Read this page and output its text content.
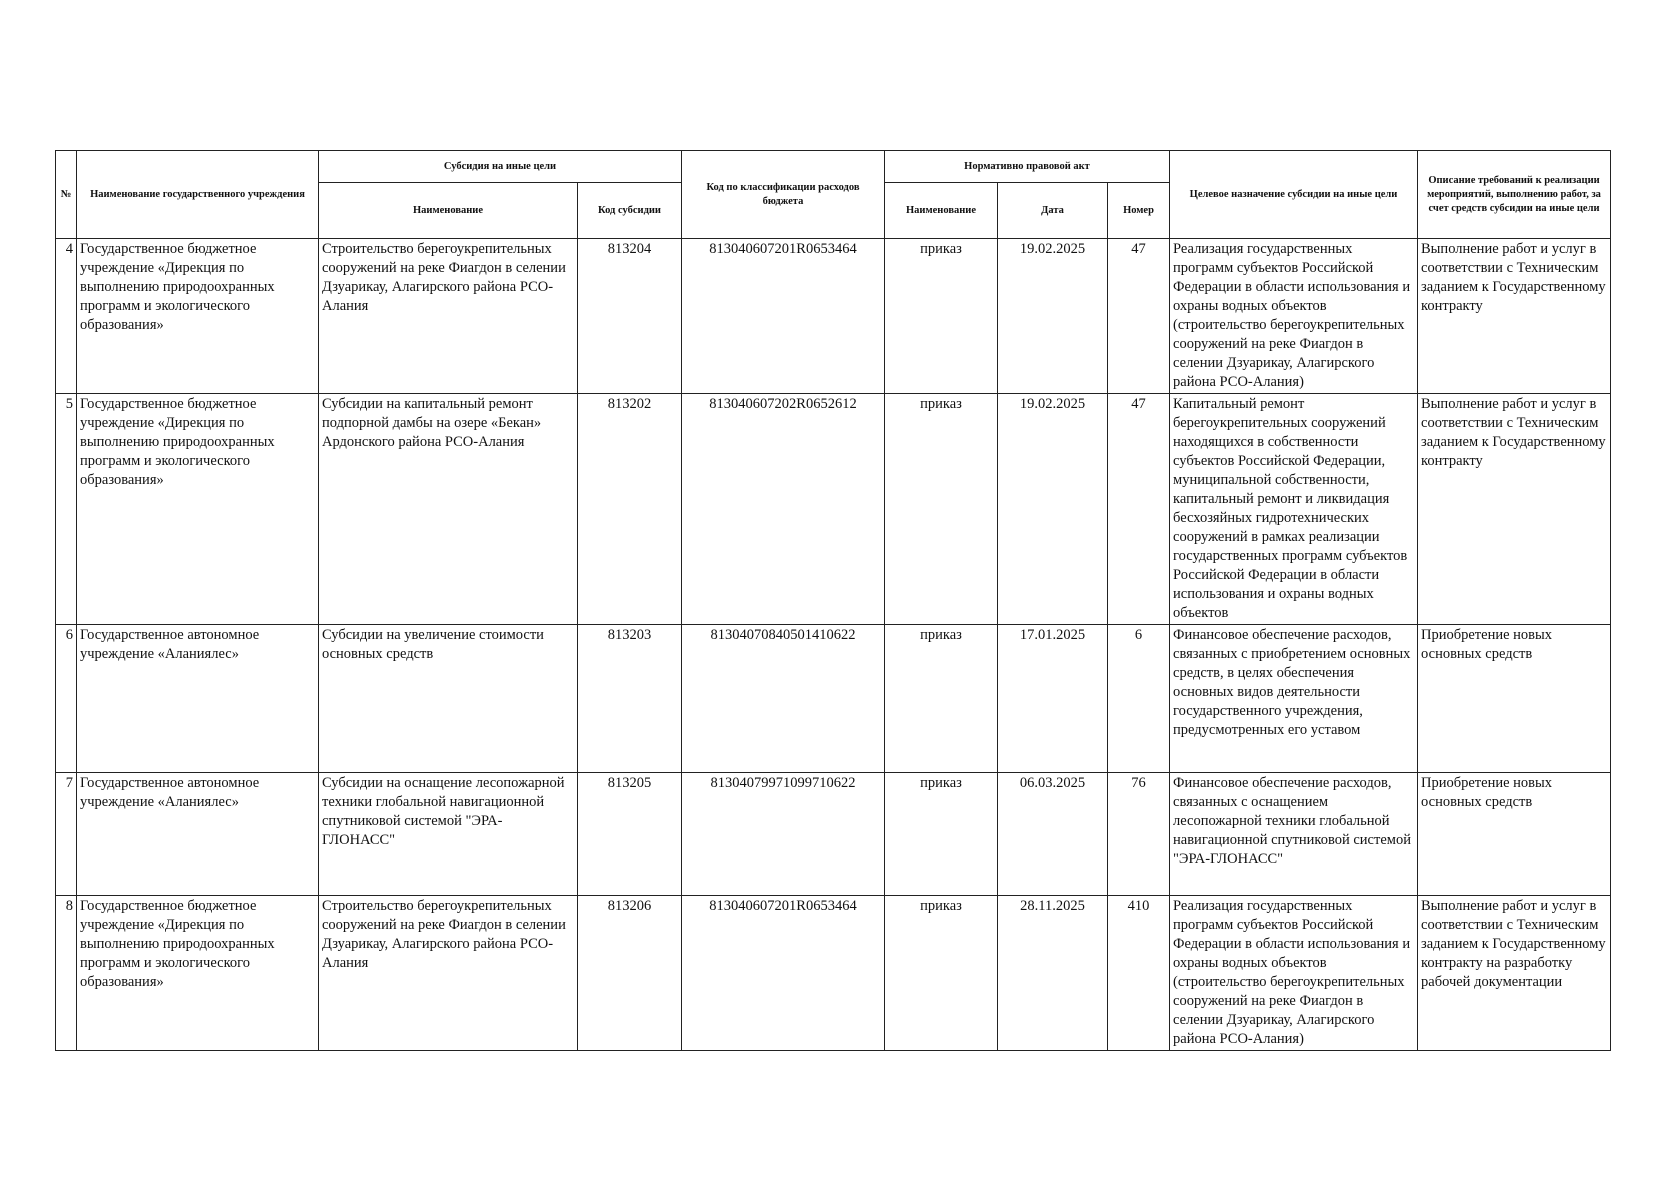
№	Наименование государственного учреждения	Субсидия на иные цели		Код по классификации расходов бюджета	Нормативно правовой акт			Целевое назначение субсидии на иные цели	Описание требований к реализации мероприятий, выполнению работ, за счет средств субсидии на иные цели
		Наименование	Код субсидии		Наименование	Дата	Номер		
4	Государственное бюджетное учреждение «Дирекция по выполнению природоохранных программ и экологического образования»	Строительство берегоукрепительных сооружений на реке Фиагдон в селении Дзуарикау, Алагирского района РСО-Алания	813204	813040607201R0653464	приказ	19.02.2025	47	Реализация государственных программ субъектов Российской Федерации в области использования и охраны водных объектов (строительство берегоукрепительных сооружений на реке Фиагдон в селении Дзуарикау, Алагирского района РСО-Алания)	Выполнение работ и услуг в соответствии с Техническим заданием к Государственному контракту
5	Государственное бюджетное учреждение «Дирекция по выполнению природоохранных программ и экологического образования»	Субсидии на капитальный ремонт подпорной дамбы на озере «Бекан» Ардонского района РСО-Алания	813202	813040607202R0652612	приказ	19.02.2025	47	Капитальный ремонт берегоукрепительных сооружений находящихся в собственности субъектов Российской Федерации, муниципальной собственности, капитальный ремонт и ликвидация бесхозяйных гидротехнических сооружений в рамках реализации государственных программ субъектов Российской Федерации в области использования и охраны водных объектов	Выполнение работ и услуг в соответствии с Техническим заданием к Государственному контракту
6	Государственное автономное учреждение «Аланиялес»	Субсидии на увеличение стоимости основных средств	813203	81304070840501410622	приказ	17.01.2025	6	Финансовое обеспечение расходов, связанных с приобретением основных средств, в целях обеспечения основных видов деятельности государственного учреждения, предусмотренных его уставом	Приобретение новых основных средств
7	Государственное автономное учреждение «Аланиялес»	Субсидии на оснащение лесопожарной техники глобальной навигационной спутниковой системой "ЭРА-ГЛОНАСС"	813205	81304079971099710622	приказ	06.03.2025	76	Финансовое обеспечение расходов, связанных с оснащением лесопожарной техники глобальной навигационной спутниковой системой "ЭРА-ГЛОНАСС"	Приобретение новых основных средств
8	Государственное бюджетное учреждение «Дирекция по выполнению природоохранных программ и экологического образования»	Строительство берегоукрепительных сооружений на реке Фиагдон в селении Дзуарикау, Алагирского района РСО-Алания	813206	813040607201R0653464	приказ	28.11.2025	410	Реализация государственных программ субъектов Российской Федерации в области использования и охраны водных объектов (строительство берегоукрепительных сооружений на реке Фиагдон в селении Дзуарикау, Алагирского района РСО-Алания)	Выполнение работ и услуг в соответствии с Техническим заданием к Государственному контракту на разработку рабочей документации
